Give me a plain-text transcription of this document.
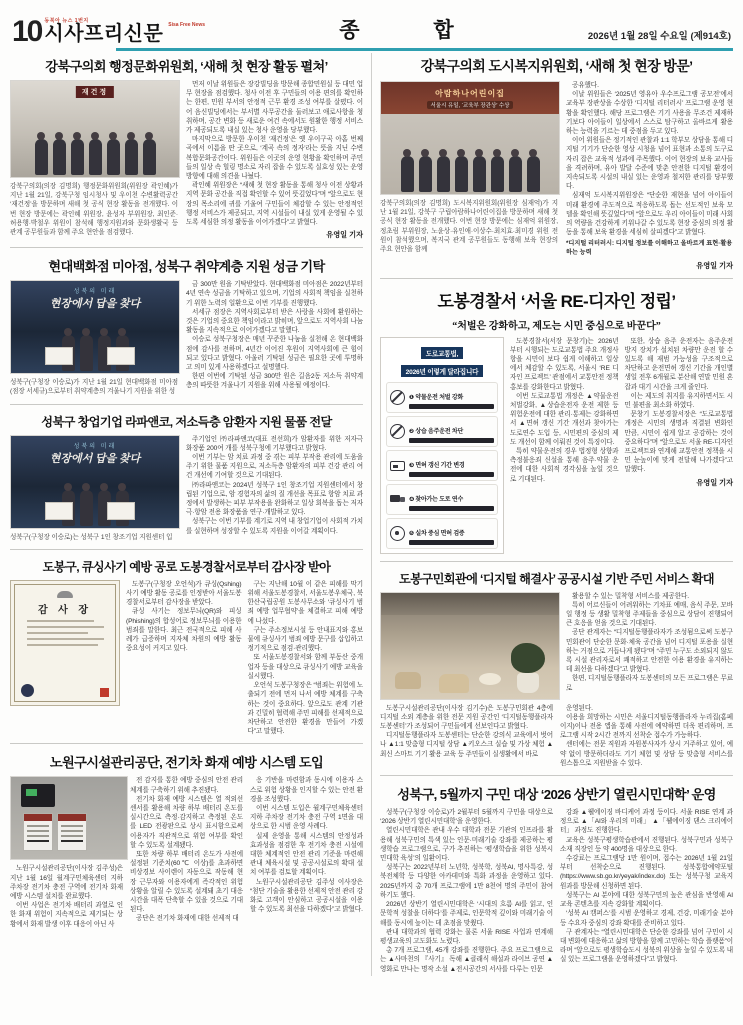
10 동북아 뉴스 1번지
시사프리신문 Sisa Free News	종 합	2026년 1월 28일 수요일 (제914호)
강북구의회 행정문화위원회, ‘새해 첫 현장 활동 펼쳐’
재건정
강북구의회(의장 김명희) 행정문화위원회(위원장 곽인혜)가 지난 1월 21일, 강북구청 임시청사 및 우이천 수변활력공간 ‘재건정’을 방문하며 새해 첫 공식 현장 활동을 전개했다. 이번 현장 방문에는 곽인혜 위원장, 윤성자 부위원장, 최인준·허용행·박철우 위원이 참석해 행정지원과와 문화생활국 등 관계 공무원들과 함께 주요 현안을 점검했다.

먼저 이날 위원들은 장강빌딩을 방문해 종합민원실 등 대민 업무 현장을 점검했다. 청사 이전 후 구민들의 이용 편의를 확인하는 한편, 민원 부서의 안정적 근무 환경 조성 여부를 살폈다. 이어 음신빌딩에서는 부서별 사무공간을 둘러보고 애로사항을 청취하며, 공간 변화 등 새로운 여건 속에서도 원활한 행정 서비스가 제공되도록 내실 있는 청사 운영을 당부했다.

마지막으로 방문한 우이천 ‘재건정’은 옛 우이구곡 아홉 번째 곡에서 이름을 딴 곳으로, ‘계곡 속의 정자’라는 뜻을 지닌 수변 복합문화공간이다. 위원들은 이곳의 운영 현황을 확인하며 주민들의 일상 속 힐링 명소로 자리 잡을 수 있도록 실효성 있는 운영 방향에 대해 의견을 나눴다.

곽인혜 위원장은 “새해 첫 현장 활동을 통해 청사 이전 상황과 지역 문화 공간을 직접 확인할 수 있어 뜻깊었다”며 “앞으로도 현장의 목소리에 귀를 기울여 구민들이 체감할 수 있는 안정적인 행정 서비스가 제공되고, 지역 시설들이 내실 있게 운영될 수 있도록 세심한 의정 활동을 이어가겠다”고 밝혔다.

유영일 기자
현대백화점 미아점, 성북구 취약계층 지원 성금 기탁
성북의 미래
현장에서 답을 찾다
성북구(구청장 이승로)가 지난 1월 21일 현대백화점 미아점(점장 서세규)으로부터 취약계층의 겨울나기 지원을 위한 성

금 300만 원을 기탁받았다. 현대백화점 미아점은 2022년부터 4년 연속 성금을 기탁하고 있으며, 기업의 사회적 책임을 실천하기 위한 노력의 일환으로 이번 기부를 진행했다.

서세규 점장은 지역사회로부터 받은 사랑을 사회에 환원하는 것은 기업의 중요한 책임이라고 밝히며, 앞으로도 지역사회 나눔 활동을 지속적으로 이어가겠다고 말했다.

이승로 성북구청장은 매년 꾸준한 나눔을 실천해 온 현대백화점에 감사를 전하며, 4년간 이어진 후원이 지역사회에 큰 힘이 되고 있다고 밝혔다. 아울러 기탁된 성금은 필요한 곳에 투명하고 의미 있게 사용하겠다고 설명했다.

한편 이번에 기탁된 성금 300만 원은 길음2동 저소득 취약계층의 따뜻한 겨울나기 지원을 위해 사용될 예정이다.

성북구 창업기업 라파앤코, 저소득층 암환자 지원 물품 전달
성북의 미래
현장에서 답을 찾다
성북구(구청장 이승로)는 성북구 1인 창조기업 지원센터 입

주기업인 ㈜라파앤코(대표 전선희)가 암환자를 위한 저자극 화장품 200여 개를 성북구청에 기부했다고 밝혔다.

이번 기부는 암 치료 과정 중 겪는 피부 부작용 관리에 도움을 주기 위한 물품 지원으로, 저소득층 암환자의 피부 건강 관리 여건 개선에 기여할 것으로 기대된다.

㈜라파앤코는 2024년 성북구 1인 창조기업 지원센터에서 창립된 기업으로, 암 경험자의 삶의 질 개선을 목표로 항암 치료 과정에서 발생하는 피부 부작용을 완화하고 일상 회복을 돕는 저자극·항암 전용 화장품을 연구·개발하고 있다.

성북구는 이번 기부를 계기로 지역 내 창업기업이 사회적 가치를 실현하며 성장할 수 있도록 지원을 이어갈 계획이다.

도봉구, 큐싱사기 예방 공로 도봉경찰서로부터 감사장 받아
감 사 장

도봉구(구청장 오언석)가 큐싱(Qshing) 사기 예방 활동 공로를 인정받아 서울도봉경찰서로부터 감사장을 받았다.

큐싱 사기는 정보무늬(QR)와 피싱(Phishing)의 합성어로 정보무늬를 이용한 범죄를 말한다. 최근 전국적으로 피해 사례가 급증하며 지자체 차원의 예방 활동 중요성이 커지고 있다.

구는 지난해 10월 이 같은 피해를 막기 위해 서울도봉경찰서, 서울도봉우체국, 북한산국립공원 도봉사무소와 ‘큐싱사기 범죄 예방 업무협약’을 체결하고 피해 예방에 나섰다.

구는 주소정보시설 등 안내표지와 홍보물에 큐싱사기 범죄 예방 문구를 삽입하고 정기적으로 점검·관리했다.

또 서울도봉경찰서와 함께 부동산 중개업자 등을 대상으로 큐싱사기 예방 교육을 실시했다.

오언석 도봉구청장은 “범죄는 위험에 노출되기 전에 먼저 나서 예방 체계를 구축하는 것이 중요하다. 앞으로도 관계 기관과 긴밀히 협력해 주민 피해를 선제적으로 차단하고 안전한 환경을 만들어 가겠다”고 말했다.

노원구시설관리공단, 전기차 화재 예방 시스템 도입

노원구시설관리공단(이사장 김주성)은 지난 1월 16일 월계구민체육센터 지하 주차장 전기차 충전 구역에 전기차 화재 예방 시스템 설치를 완료했다.

이번 사업은 전기차 배터리 과열로 인한 화재 위험이 지속적으로 제기되는 상황에서 화재 발생 이후 대응이 아닌 사

전 감지를 통한 예방 중심의 안전 관리 체계를 구축하기 위해 추진됐다.

전기차 화재 예방 시스템은 열 적외선 센서를 활용해 차량 하부 배터리 온도를 실시간으로 측정·감지하고 측정된 온도를 LED 전광판으로 상시 표시함으로써 이용자가 직관적으로 위험 여부를 확인할 수 있도록 설계됐다.

또한 차량 하부 배터리 온도가 사전에 설정된 기준치(60℃ 이상)를 초과하면 비상경보 사이렌이 자동으로 작동해 현장 근무자와 이용자에게 즉각적인 위험 상황을 알릴 수 있도록 설계돼 초기 대응 시간을 대폭 단축할 수 있을 것으로 기대된다.

공단은 전기차 화재에 대한 선제적 대

응 기반을 마련함과 동시에 이용자 스스로 위험 상황을 인지할 수 있는 안전 환경을 조성했다.

이번 시스템 도입은 월계구민체육센터 지하 주차장 전기차 충전 구역 1면을 대상으로 한 시범 운영 사례다.

실제 운영을 통해 시스템의 안정성과 효과성을 점검한 후 전기차 충전 시설에 대한 체계적인 안전 관리 기준을 마련해 관내 체육시설 및 공공시설로의 확대 설치 여부를 검토할 계획이다.

노원구시설관리공단 김주성 이사장은 “첨단 기술을 활용한 선제적 안전 관리 강화로 고객이 안심하고 공공시설을 이용할 수 있도록 최선을 다하겠다”고 밝혔다.

강북구의회 도시복지위원회, ‘새해 첫 현장 방문’
아람하나어린이집
서울시 유일, ‘교육부 장관상’ 수상
강북구의회(의장 김명희) 도시복지위원회(위원장 심재억)가 지난 1월 21일, 강북구 구립아람하나어린이집을 방문하며 새해 첫 공식 현장 활동을 전개했다. 이번 현장 방문에는 심재억 위원장, 정초림 부위원장, 노윤상·유인애·이상수·최치효·최미경 위원 전원이 참석했으며, 복지국 관계 공무원들도 동행해 보육 현장의 주요 현안을 함께

공유했다.

이날 위원들은 ‘2025년 영유아 우수프로그램 공모전’에서 교육부 장관상을 수상한 ‘디지털 리터러시’ 프로그램 운영 현황을 확인했다. 해당 프로그램은 기기 사용을 무조건 제재하기보다 아이들이 일상에서 스스로 탐구하고 올바르게 활용하는 능력을 기르는 데 중점을 두고 있다.

이어 위원들은 정기적인 관찰과 1:1 학부모 상담을 통해 디지털 기기가 단순한 영상 시청을 넘어 표현과 소통의 도구로 자리 잡은 교육적 성과에 주목했다. 이어 현장의 보육 교사들을 격려하며, 유아 발달 수준에 맞춘 안전한 디지털 환경이 지속되도록 시설의 내실 있는 운영과 철저한 관리를 당부했다.

심재억 도시복지위원장은 “단순한 재현을 넘어 아이들이 미래 환경에 주도적으로 적응하도록 돕는 선도적인 보육 모델을 확인해 뜻깊었다”며 “앞으로도 우리 아이들이 미래 사회의 역량을 건강하게 키워나갈 수 있도록 현장 중심의 의정 활동을 통해 보육 환경을 세심히 살피겠다”고 밝혔다.

*디지털 리터러시: 디지털 정보를 이해하고 올바르게 표현·활용하는 능력
유영일 기자
도봉경찰서 ‘서울 RE-디자인 정립’
“처벌은 강화하고, 제도는 시민 중심으로 바꾼다”
도로교통법,
2026년 이렇게 달라집니다
❶ 약물운전 처벌 강화
❷ 상습 음주운전 차단
❸ 면허 갱신 기간 변경
❹ 찾아가는 도로 연수
❺ 실차 중심 면허 검증

도봉경찰서(서장 문창기)는 2026년부터 시행되는 도로교통법 주요 개정사항을 시민이 보다 쉽게 이해하고 일상에서 체감할 수 있도록, 서울시 ‘RE 디자인 프로젝트’ 관점에서 교통안전 정책 홍보를 강화한다고 밝혔다.

이번 도로교통법 개정은 ▲약물운전 처벌강화, ▲상습운전자 운전 제한 등 위험운전에 대한 관리·통제는 강화하면서 ▲면허 갱신 기간 개선과 찾아가는 도로연수 도입 등, 시민편의 중심의 제도 개선이 함께 이뤄진 것이 특징이다.

특히 약물운전의 경우 법정형 상향과 측정불응죄 신설을 통해 음주·약물 운전에 대한 사회적 경각심을 높일 것으로 기대된다.

또한, 상습 음주 운전자는 음주운전 방지 장치가 설치된 차량만 운전 할 수 있도록 해 재범 가능성을 구조적으로 차단하고 운전면허 갱신 기간을 개인별 생일 전후 6개월로 분산해 연말 민원 혼잡과 대기 시간을 크게 줄인다.

이는 제도의 취지를 유지하면서도 시민 불편을 최소화 하였다.

문창기 도봉경찰서장은 “도로교통법 개정은 시민의 생명과 직결된 변화인 만큼, 시민이 쉽게 알고 공감하는 것이 중요하다”며 “앞으로도 서울 RE-디자인 프로젝트와 연계해 교통안전 정책을 시민 눈높이에 맞게 전달해 나가겠다”고 말했다.

유영일 기자
도봉구민회관에 ‘디지털 해결사’ 공공시설 기반 주민 서비스 확대

활용할 수 있는 밀착형 서비스를 제공한다.

특히 어르신들이 어려워하는 기차표 예매, 음식 주문, 모바일 행정 등 생활 밀착형 주제들을 중심으로 상담이 진행되어 큰 호응을 얻을 것으로 기대된다.

공단 관계자는 “디지털동행플라자가 조성됨으로써 도봉구민회관이 단순한 문화·체육 공간을 넘어 디지털 포용을 실현하는 거점으로 거듭나게 됐다”며 “주민 누구도 소외되지 않도록 시설 관리자로서 쾌적하고 안전한 이용 환경을 유지하는 데 최선을 다하겠다”고 밝혔다.

한편, 디지털동행플라자 도봉센터의 모든 프로그램은 무료로

도봉구시설관리공단(이사장 김기수)은 도봉구민회관 4층에 디지털 소외 계층을 위한 전문 지원 공간인 ‘디지털동행플라자 도봉센터’가 조성되어 구민들에게 선보인다고 밝혔다.

디지털동행플라자 도봉센터는 단순한 강의식 교육에서 벗어나 ▲1:1 맞춤형 디지털 상담 ▲키오스크 실습 및 가상 체험 ▲최신 스마트 기기 활용 교육 등 주민들이 실생활에서 바로

운영된다.

이용을 희망하는 시민은 서울디지털동행플라자 누리집(홈페이지)이나 전용 앱을 통해 사전에 예약하면 더욱 편리하며, 프로그램 시작 2시간 전까지 선착순 접수가 가능하다.

센터에는 전문 직원과 자원봉사자가 상시 거주하고 있어, 예약 없이 방문하더라도 기기 체험 및 상담 등 맞춤형 서비스를 원스톱으로 지원받을 수 있다.

성북구, 5월까지 구민 대상 ‘2026 상반기 열린시민대학’ 운영

성북구(구청장 이승로)가 2월부터 5월까지 구민을 대상으로 ‘2026 상반기 열린시민대학’을 운영한다.

열린시민대학은 관내 우수 대학과 전문 기관의 인프라를 활용해 성북구민의 특색 있는 인문·미래기술 강좌를 제공하는 평생학습 프로그램으로, 구가 추진하는 ‘평생학습을 위한 성북시민대학 육성’의 일환이다.

성북구는 2022년부터 노년학, 성북학, 성북AI, 명사특강, 성북전체학 등 다양한 아카데미와 특화 과정을 운영하고 있다. 2025년까지 총 70개 프로그램에 1만 8천여 명의 주민이 참여하기도 했다.

2026년 상반기 열린시민대학은 ‘시대의 흐름 AI를 읽고, 인문학적 성찰을 더하다’를 주제로, 인문학적 깊이와 미래기술 이해를 동시에 높이는 데 초점을 맞췄다.

관내 대학과의 협력 강화는 물론 서울 RISE 사업과 연계해 평생교육의 고도화도 노렸다.

총 7개 프로그램, 45개 강좌를 진행한다. 주요 프로그램으로는 ▲사마천의 『사기』 독해 ▲클래식 해설과 라이브 공연 ▲영화로 만나는 명작 소설 ▲전시공간의 서사를 다루는 인문

강좌 ▲웰에이징 바디케어 과정 등이다. 서울 RISE 연계 과정으로 ▲「AI와 우리의 미래」 ▲「웰에이징 댄스 크리에이터」 과정도 진행한다.

교육은 성북구평생학습관에서 진행된다. 성북구민과 성북구 소재 직장인 등 약 400명을 대상으로 한다.

수강료는 프로그램당 1만 원이며, 접수는 2026년 1월 21일부터 선착순으로 진행된다. 성북통합예약포털(https://www.sb.go.kr/yeyak/index.do) 또는 성북구청 교육지원과를 방문해 신청하면 된다.

성북구는 AI 분야에 대한 성북구민의 높은 관심을 반영해 AI 교육 콘텐츠를 지속 강화할 계획이다.

‘성북 AI 캠퍼스’를 시범 운영하고 경제, 건강, 미래기술 분야 등 수요자 중심의 강좌 확대를 준비하고 있다.

구 관계자는 “열린시민대학은 단순한 강좌를 넘어 구민이 시대 변화에 대응하고 삶의 방향을 함께 고민하는 학습 플랫폼”이라며 “앞으로도 평생학습도시 성북의 위상을 높일 수 있도록 내실 있는 프로그램을 운영하겠다”고 밝혔다.
